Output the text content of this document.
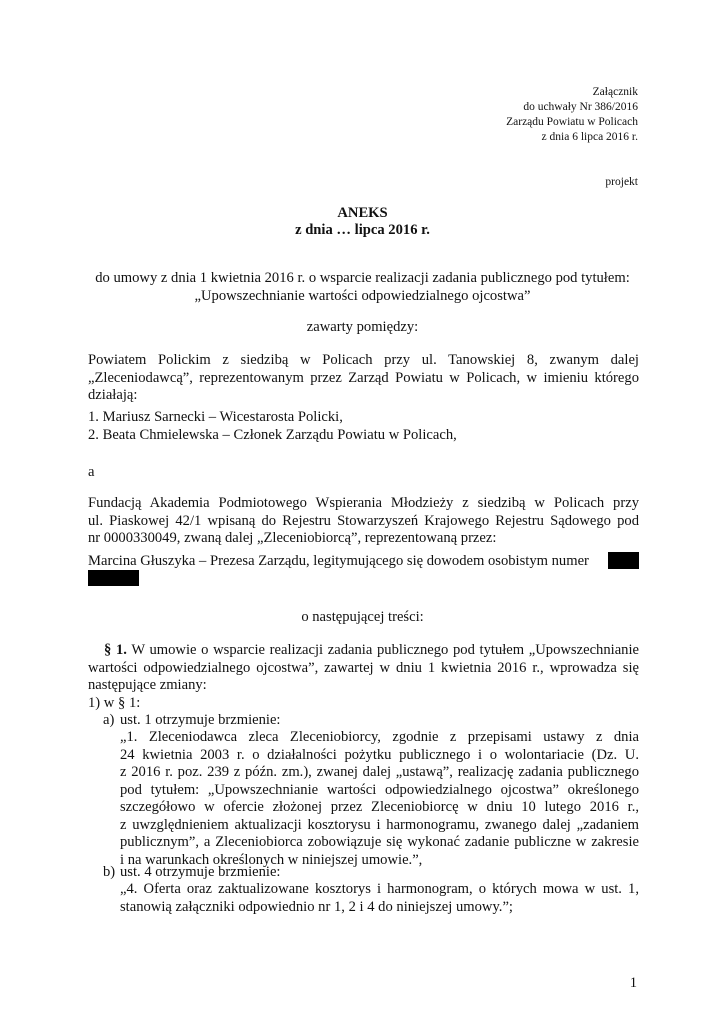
Załącznik
do uchwały Nr 386/2016
Zarządu Powiatu w Policach
z dnia 6 lipca 2016 r.
projekt
ANEKS
z dnia … lipca 2016 r.
do umowy z dnia 1 kwietnia 2016 r. o wsparcie realizacji zadania publicznego pod tytułem:
„Upowszechnianie wartości odpowiedzialnego ojcostwa”
zawarty pomiędzy:
Powiatem Polickim z siedzibą w Policach przy ul. Tanowskiej 8, zwanym dalej
„Zleceniodawcą”, reprezentowanym przez Zarząd Powiatu w Policach, w imieniu którego
działają:
1. Mariusz Sarnecki – Wicestarosta Policki,
2. Beata Chmielewska – Członek Zarządu Powiatu w Policach,
a
Fundacją Akademia Podmiotowego Wspierania Młodzieży z siedzibą w Policach przy
ul. Piaskowej 42/1 wpisaną do Rejestru Stowarzyszeń Krajowego Rejestru Sądowego pod
nr 0000330049, zwaną dalej „Zleceniobiorcą”, reprezentowaną przez:
Marcina Głuszyka – Prezesa Zarządu, legitymującego się dowodem osobistym numer
o następującej treści:
§ 1. W umowie o wsparcie realizacji zadania publicznego pod tytułem „Upowszechnianie
wartości odpowiedzialnego ojcostwa”, zawartej w dniu 1 kwietnia 2016 r., wprowadza się
następujące zmiany:
1) w § 1:
a) ust. 1 otrzymuje brzmienie:
„1. Zleceniodawca zleca Zleceniobiorcy, zgodnie z przepisami ustawy z dnia
24 kwietnia 2003 r. o działalności pożytku publicznego i o wolontariacie (Dz. U.
z 2016 r. poz. 239 z późn. zm.), zwanej dalej „ustawą”, realizację zadania publicznego
pod tytułem: „Upowszechnianie wartości odpowiedzialnego ojcostwa” określonego
szczegółowo w ofercie złożonej przez Zleceniobiorcę w dniu 10 lutego 2016 r.,
z uwzględnieniem aktualizacji kosztorysu i harmonogramu, zwanego dalej „zadaniem
publicznym”, a Zleceniobiorca zobowiązuje się wykonać zadanie publiczne w zakresie
i na warunkach określonych w niniejszej umowie.”,
b) ust. 4 otrzymuje brzmienie:
„4. Oferta oraz zaktualizowane kosztorys i harmonogram, o których mowa w ust. 1,
stanowią załączniki odpowiednio nr 1, 2 i 4 do niniejszej umowy.”;
1
